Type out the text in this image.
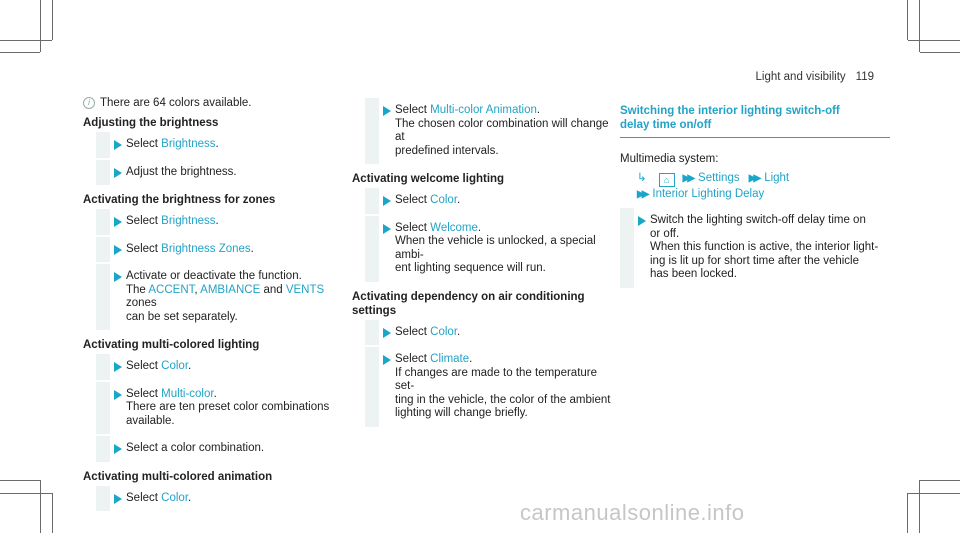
Light and visibility 119

i There are 64 colors available.

Adjusting the brightness
Select Brightness.
Adjust the brightness.
Activating the brightness for zones
Select Brightness.
Select Brightness Zones.
Activate or deactivate the function.
The ACCENT, AMBIANCE and VENTS zones
can be set separately.
Activating multi-colored lighting
Select Color.
Select Multi-color.
There are ten preset color combinations
available.
Select a color combination.
Activating multi-colored animation
Select Color.
Select Multi-color Animation.
The chosen color combination will change at
predefined intervals.
Activating welcome lighting
Select Color.
Select Welcome.
When the vehicle is unlocked, a special ambi-
ent lighting sequence will run.
Activating dependency on air conditioning
settings
Select Color.
Select Climate.
If changes are made to the temperature set-
ting in the vehicle, the color of the ambient
lighting will change briefly.
Switching the interior lighting switch-off
delay time on/off
Multimedia system:
↳ ⌂ ▶▶ Settings ▶▶ Light
▶▶ Interior Lighting Delay
Switch the lighting switch-off delay time on
or off.
When this function is active, the interior light-
ing is lit up for short time after the vehicle
has been locked.
carmanualsonline.info
